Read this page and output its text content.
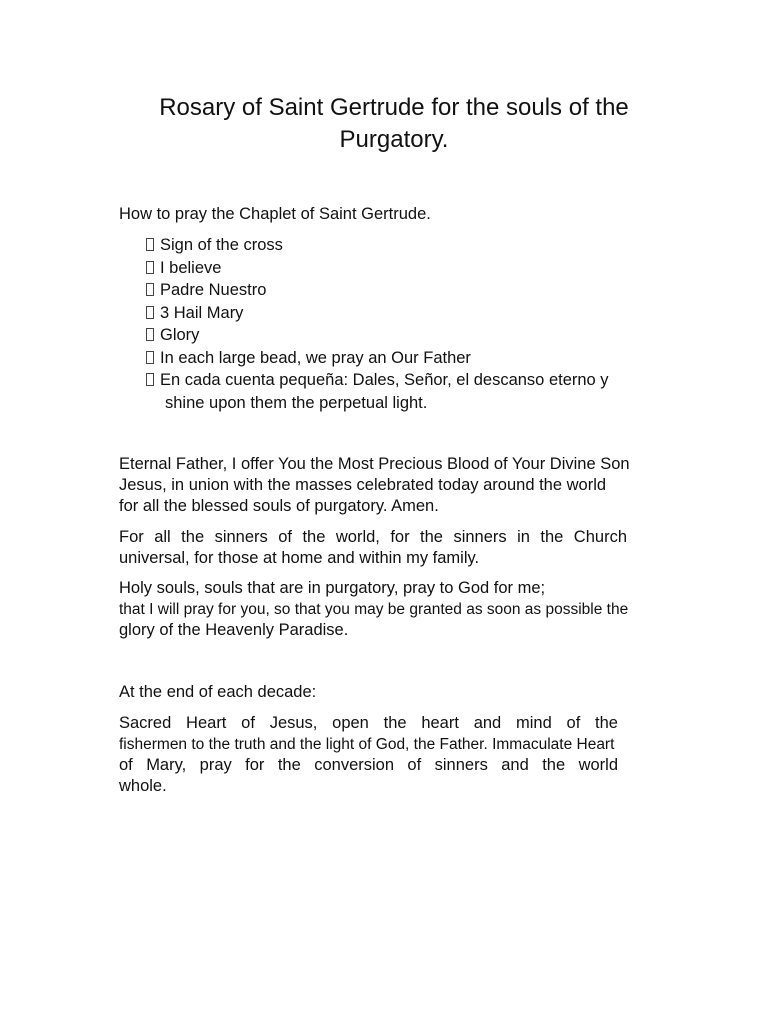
Rosary of Saint Gertrude for the souls of the
Purgatory.

How to pray the Chaplet of Saint Gertrude.

Sign of the cross
I believe
Padre Nuestro
3 Hail Mary
Glory
In each large bead, we pray an Our Father
En cada cuenta pequeña: Dales, Señor, el descanso eterno y
shine upon them the perpetual light.

Eternal Father, I offer You the Most Precious Blood of Your Divine Son
Jesus, in union with the masses celebrated today around the world
for all the blessed souls of purgatory. Amen.

For all the sinners of the world, for the sinners in the Church
universal, for those at home and within my family.

Holy souls, souls that are in purgatory, pray to God for me;
that I will pray for you, so that you may be granted as soon as possible the
glory of the Heavenly Paradise.

At the end of each decade:

Sacred Heart of Jesus, open the heart and mind of the
fishermen to the truth and the light of God, the Father. Immaculate Heart
of Mary, pray for the conversion of sinners and the world
whole.
